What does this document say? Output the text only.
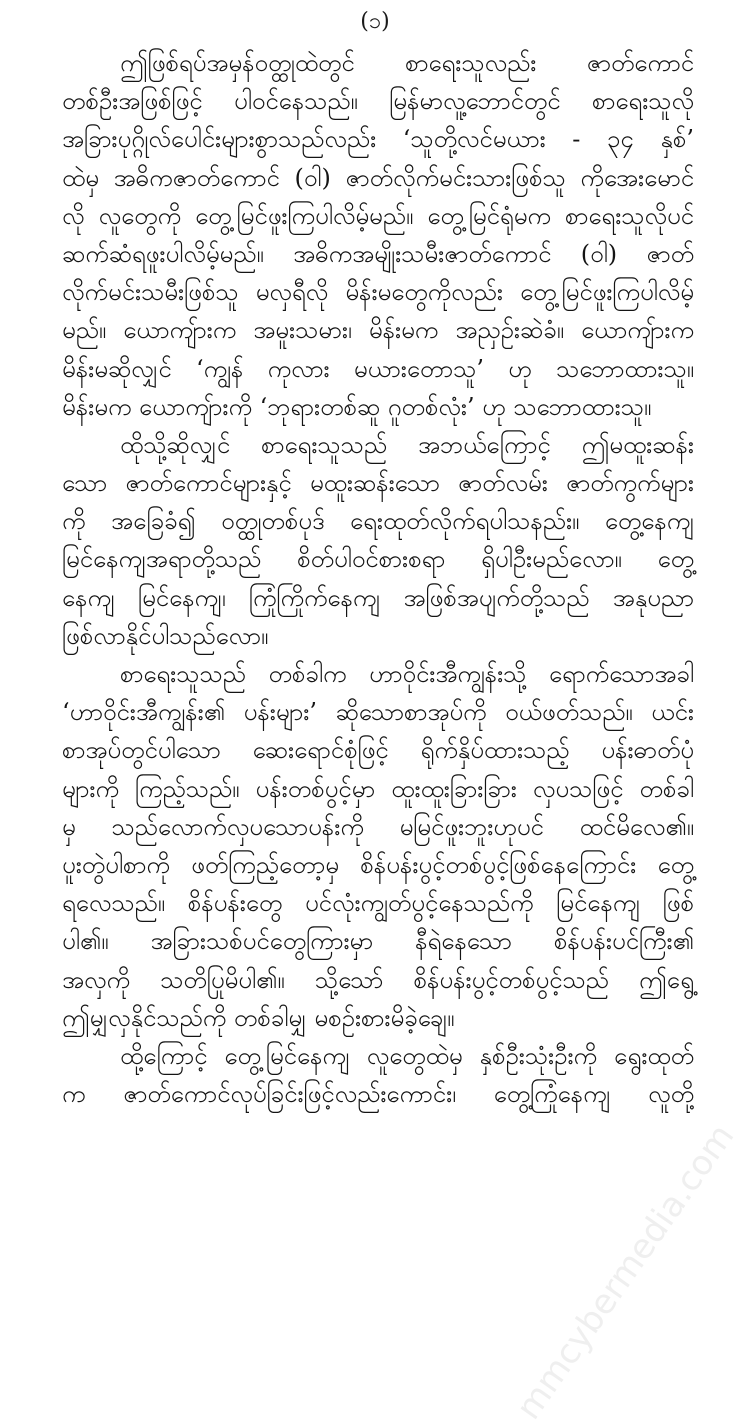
(၁)
ဤဖြစ်ရပ်အမှန်ဝတ္ထုထဲတွင် စာရေးသူလည်း ဇာတ်ကောင်
တစ်ဦးအဖြစ်ဖြင့် ပါဝင်နေသည်။ မြန်မာလူ့ဘောင်တွင် စာရေးသူလို
အခြားပုဂ္ဂိုလ်ပေါင်းများစွာသည်လည်း ‘သူတို့လင်မယား - ၃၄ နှစ်’
ထဲမှ အဓိကဇာတ်ကောင် (ဝါ) ဇာတ်လိုက်မင်းသားဖြစ်သူ ကိုအေးမောင်
လို လူတွေကို တွေ့မြင်ဖူးကြပါလိမ့်မည်။ တွေ့မြင်ရုံမက စာရေးသူလိုပင်
ဆက်ဆံရဖူးပါလိမ့်မည်။ အဓိကအမျိုးသမီးဇာတ်ကောင် (ဝါ) ဇာတ်
လိုက်မင်းသမီးဖြစ်သူ မလှရီလို မိန်းမတွေကိုလည်း တွေ့မြင်ဖူးကြပါလိမ့်
မည်။ ယောကျ်ားက အမူးသမား၊ မိန်းမက အညှဉ်းဆဲခံ။ ယောကျ်ားက
မိန်းမဆိုလျှင် ‘ကျွန် ကုလား မယားတောသူ’ ဟု သဘောထားသူ။
မိန်းမက ယောကျ်ားကို ‘ဘုရားတစ်ဆူ ဂူတစ်လုံး’ ဟု သဘောထားသူ။
ထိုသို့ဆိုလျှင် စာရေးသူသည် အဘယ်ကြောင့် ဤမထူးဆန်း
သော ဇာတ်ကောင်များနှင့် မထူးဆန်းသော ဇာတ်လမ်း ဇာတ်ကွက်များ
ကို အခြေခံ၍ ဝတ္ထုတစ်ပုဒ် ရေးထုတ်လိုက်ရပါသနည်း။ တွေ့နေကျ
မြင်နေကျအရာတို့သည် စိတ်ပါဝင်စားစရာ ရှိပါဦးမည်လော။ တွေ့
နေကျ မြင်နေကျ၊ ကြုံကြိုက်နေကျ အဖြစ်အပျက်တို့သည် အနုပညာ
ဖြစ်လာနိုင်ပါသည်လော။
စာရေးသူသည် တစ်ခါက ဟာဝိုင်းအီကျွန်းသို့ ရောက်သောအခါ
‘ဟာဝိုင်းအီကျွန်း၏ ပန်းများ’ ဆိုသောစာအုပ်ကို ဝယ်ဖတ်သည်။ ယင်း
စာအုပ်တွင်ပါသော ဆေးရောင်စုံဖြင့် ရိုက်နှိပ်ထားသည့် ပန်းဓာတ်ပုံ
များကို ကြည့်သည်။ ပန်းတစ်ပွင့်မှာ ထူးထူးခြားခြား လှပသဖြင့် တစ်ခါ
မှ သည်လောက်လှပသောပန်းကို မမြင်ဖူးဘူးဟုပင် ထင်မိလေ၏။
ပူးတွဲပါစာကို ဖတ်ကြည့်တော့မှ စိန်ပန်းပွင့်တစ်ပွင့်ဖြစ်နေကြောင်း တွေ့
ရလေသည်။ စိန်ပန်းတွေ ပင်လုံးကျွတ်ပွင့်နေသည်ကို မြင်နေကျ ဖြစ်
ပါ၏။ အခြားသစ်ပင်တွေကြားမှာ နီရဲနေသော စိန်ပန်းပင်ကြီး၏
အလှကို သတိပြုမိပါ၏။ သို့သော် စိန်ပန်းပွင့်တစ်ပွင့်သည် ဤရွေ့
ဤမျှလှနိုင်သည်ကို တစ်ခါမျှ မစဉ်းစားမိခဲ့ချေ။
ထို့ကြောင့် တွေ့မြင်နေကျ လူတွေထဲမှ နှစ်ဦးသုံးဦးကို ရွေးထုတ်
က ဇာတ်ကောင်လုပ်ခြင်းဖြင့်လည်းကောင်း၊ တွေ့ကြုံနေကျ လူတို့
mmcybermedia.com
